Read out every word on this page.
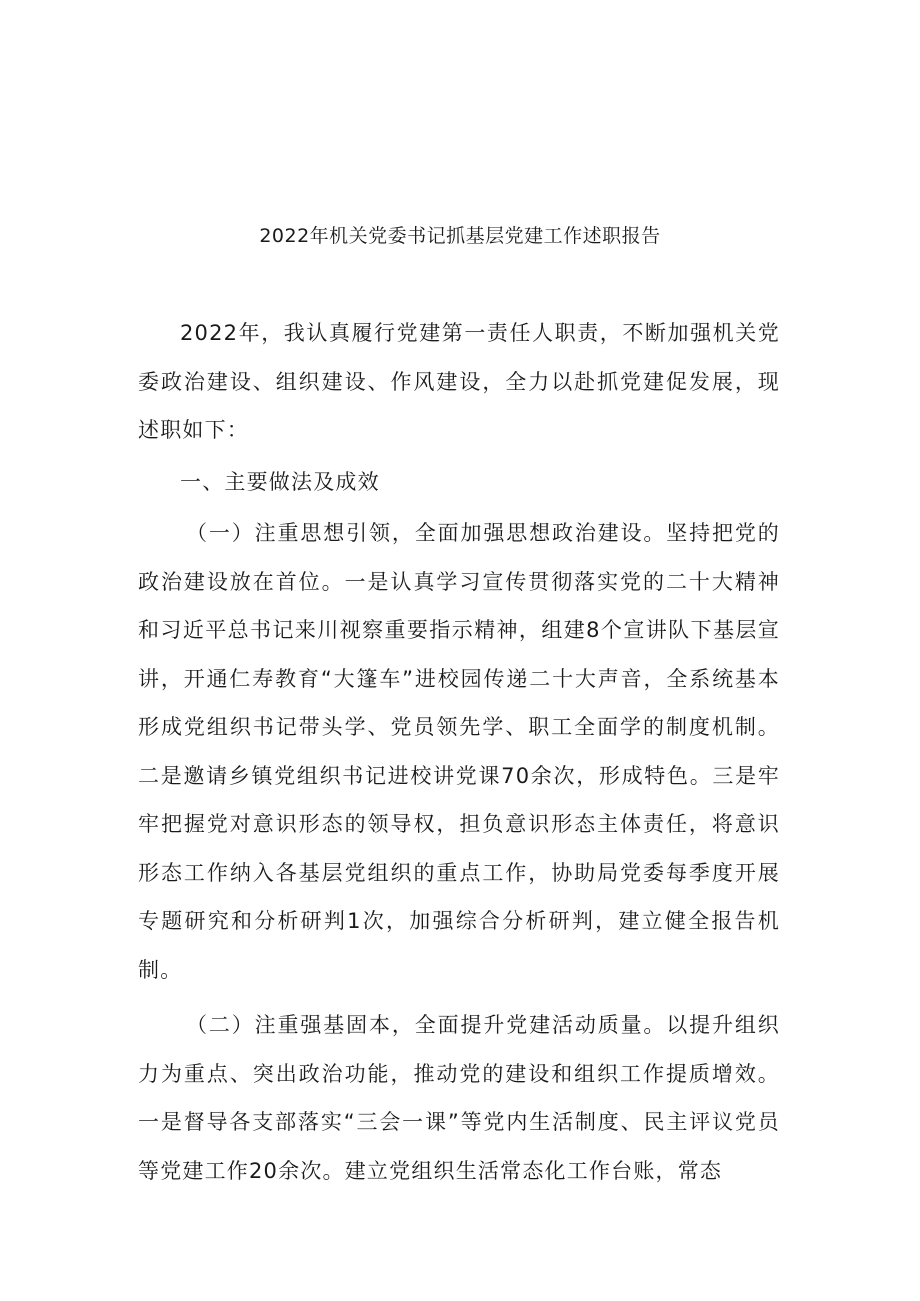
2022年机关党委书记抓基层党建工作述职报告

2022年，我认真履行党建第一责任人职责，不断加强机关党委政治建设、组织建设、作风建设，全力以赴抓党建促发展，现述职如下：

一、主要做法及成效

（一）注重思想引领，全面加强思想政治建设。坚持把党的政治建设放在首位。一是认真学习宣传贯彻落实党的二十大精神和习近平总书记来川视察重要指示精神，组建8个宣讲队下基层宣讲，开通仁寿教育“大篷车”进校园传递二十大声音，全系统基本形成党组织书记带头学、党员领先学、职工全面学的制度机制。二是邀请乡镇党组织书记进校讲党课70余次，形成特色。三是牢牢把握党对意识形态的领导权，担负意识形态主体责任，将意识形态工作纳入各基层党组织的重点工作，协助局党委每季度开展专题研究和分析研判1次，加强综合分析研判，建立健全报告机制。

（二）注重强基固本，全面提升党建活动质量。以提升组织力为重点、突出政治功能，推动党的建设和组织工作提质增效。一是督导各支部落实“三会一课”等党内生活制度、民主评议党员等党建工作20余次。建立党组织生活常态化工作台账，常态
